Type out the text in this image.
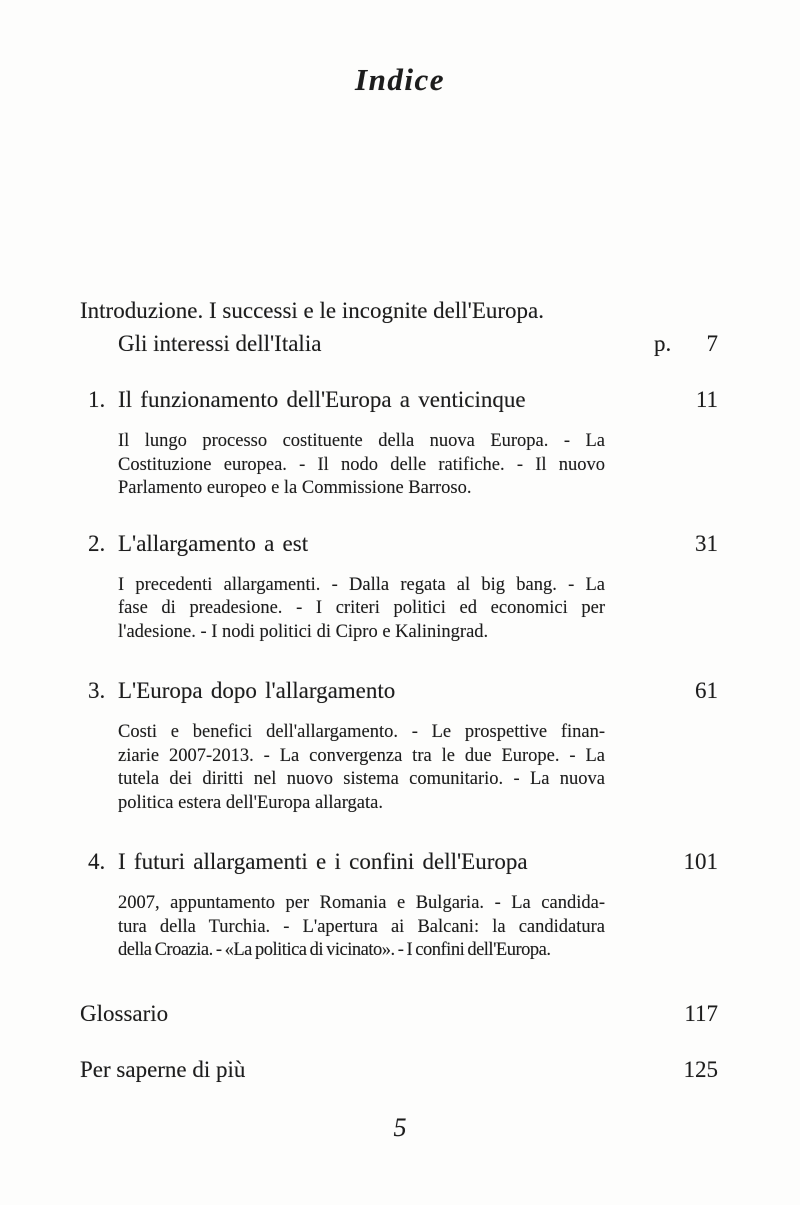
Indice
Introduzione. I successi e le incognite dell'Europa.
Gli interessi dell'Italia	p. 7
1. Il funzionamento dell'Europa a venticinque	11
Il lungo processo costituente della nuova Europa. - La
Costituzione europea. - Il nodo delle ratifiche. - Il nuovo
Parlamento europeo e la Commissione Barroso.
2. L'allargamento a est	31
I precedenti allargamenti. - Dalla regata al big bang. - La
fase di preadesione. - I criteri politici ed economici per
l'adesione. - I nodi politici di Cipro e Kaliningrad.
3. L'Europa dopo l'allargamento	61
Costi e benefici dell'allargamento. - Le prospettive finan-
ziarie 2007-2013. - La convergenza tra le due Europe. - La
tutela dei diritti nel nuovo sistema comunitario. - La nuova
politica estera dell'Europa allargata.
4. I futuri allargamenti e i confini dell'Europa	101
2007, appuntamento per Romania e Bulgaria. - La candida-
tura della Turchia. - L'apertura ai Balcani: la candidatura
della Croazia. - «La politica di vicinato». - I confini dell'Europa.
Glossario	117
Per saperne di più	125
5
